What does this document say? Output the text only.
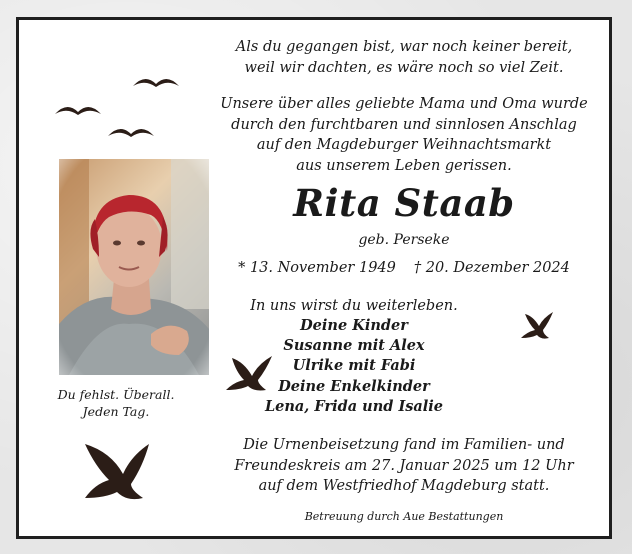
Als du gegangen bist, war noch keiner bereit,
weil wir dachten, es wäre noch so viel Zeit.
Unsere über alles geliebte Mama und Oma wurde
durch den furchtbaren und sinnlosen Anschlag
auf den Magdeburger Weihnachtsmarkt
aus unserem Leben gerissen.
Rita Staab
geb. Perseke
* 13. November 1949 † 20. Dezember 2024
In uns wirst du weiterleben.
Deine Kinder
Susanne mit Alex
Ulrike mit Fabi
Deine Enkelkinder
Lena, Frida und Isalie
Die Urnenbeisetzung fand im Familien- und
Freundeskreis am 27. Januar 2025 um 12 Uhr
auf dem Westfriedhof Magdeburg statt.
Betreuung durch Aue Bestattungen
Du fehlst. Überall.
Jeden Tag.
